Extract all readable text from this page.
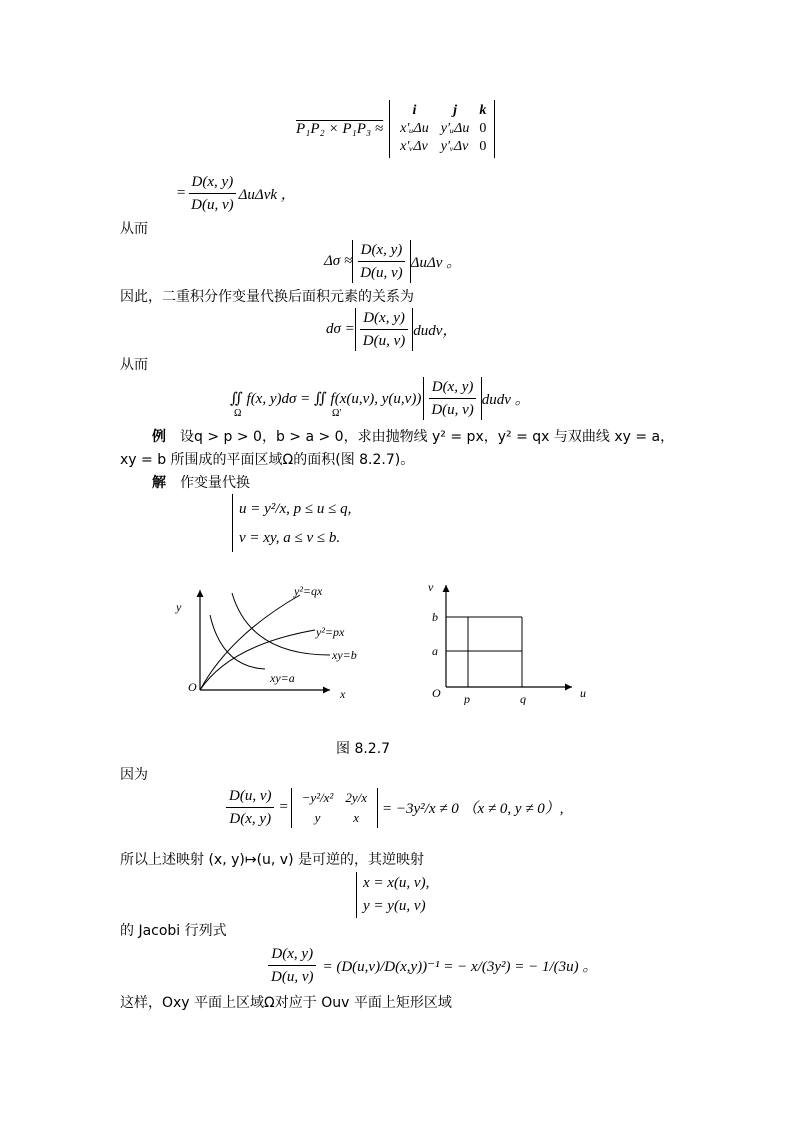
P₁P₂ × P₁P₃ ≈
i	j	k
x′ᵤΔu	y′ᵤΔu	0
x′ᵥΔv	y′ᵥΔv	0
= $\frac{D(x, y)}{D(u, v)}$ ΔuΔvk ，
从而
$\Delta\sigma \approx \frac{D(x, y)}{D(u, v)}$ ΔuΔv 。
因此，二重积分作变量代换后面积元素的关系为
$d\sigma = \frac{D(x, y)}{D(u, v)}$ dudv，
从而
∬ f(x, y)dσ = ∬ f(x(u,v), $y(u,v)) \frac{D(x, y)}{D(u, v)}$ dudv 。
Ω	Ω′
例 设q > p > 0，b > a > 0，求由抛物线 y² = px，y² = qx 与双曲线 xy = a，
xy = b 所围成的平面区域Ω的面积(图 8.2.7)。
解 作变量代换
u = y²/x, p ≤ u ≤ q,
v = xy, a ≤ v ≤ b.
y
x
O
y²=qx
y²=px
xy=b
xy=a
v
u
O p	q
a
b
图 8.2.7
因为
$\frac{D(u, v)}{D(x, y)}$ =
−y²/x²	2y/x
y	x = −3y²/x ≠ 0 （x ≠ 0, y ≠ 0）,
所以上述映射 (x, y)↦(u, v) 是可逆的，其逆映射
x = x(u, v),
y = y(u, v)
的 Jacobi 行列式
$\frac{D(x, y)}{D(u, v)} = (D(u,v)/D(x,y))^{-1}$ = − x/(3y²) = − 1/(3u) 。
这样，Oxy 平面上区域Ω对应于 Ouv 平面上矩形区域
